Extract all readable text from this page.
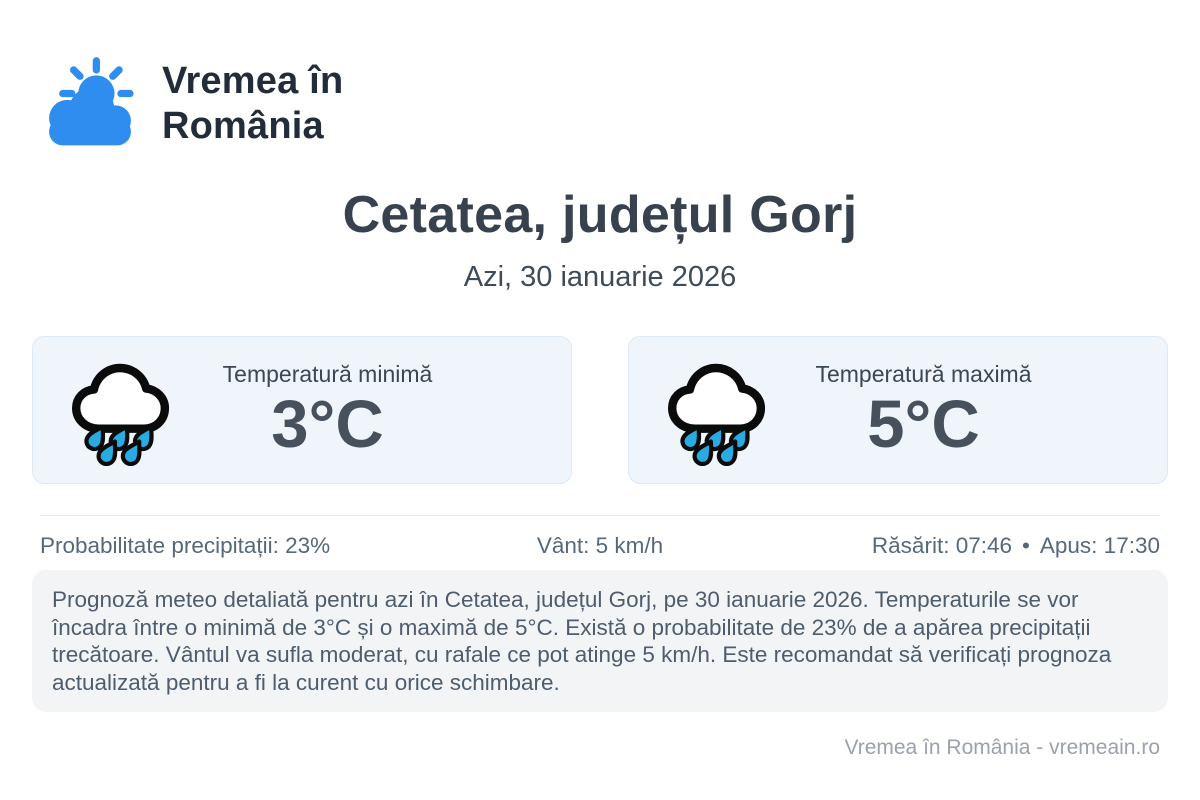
Vremea în
România
Cetatea, județul Gorj
Azi, 30 ianuarie 2026
Temperatură minimă
3°C
Temperatură maximă
5°C
Probabilitate precipitații: 23%	Vânt: 5 km/h	Răsărit: 07:46 • Apus: 17:30
Prognoză meteo detaliată pentru azi în Cetatea, județul Gorj, pe 30 ianuarie 2026. Temperaturile se vor încadra între o minimă de 3°C și o maximă de 5°C. Există o probabilitate de 23% de a apărea precipitații trecătoare. Vântul va sufla moderat, cu rafale ce pot atinge 5 km/h. Este recomandat să verificați prognoza actualizată pentru a fi la curent cu orice schimbare.
Vremea în România - vremeain.ro
